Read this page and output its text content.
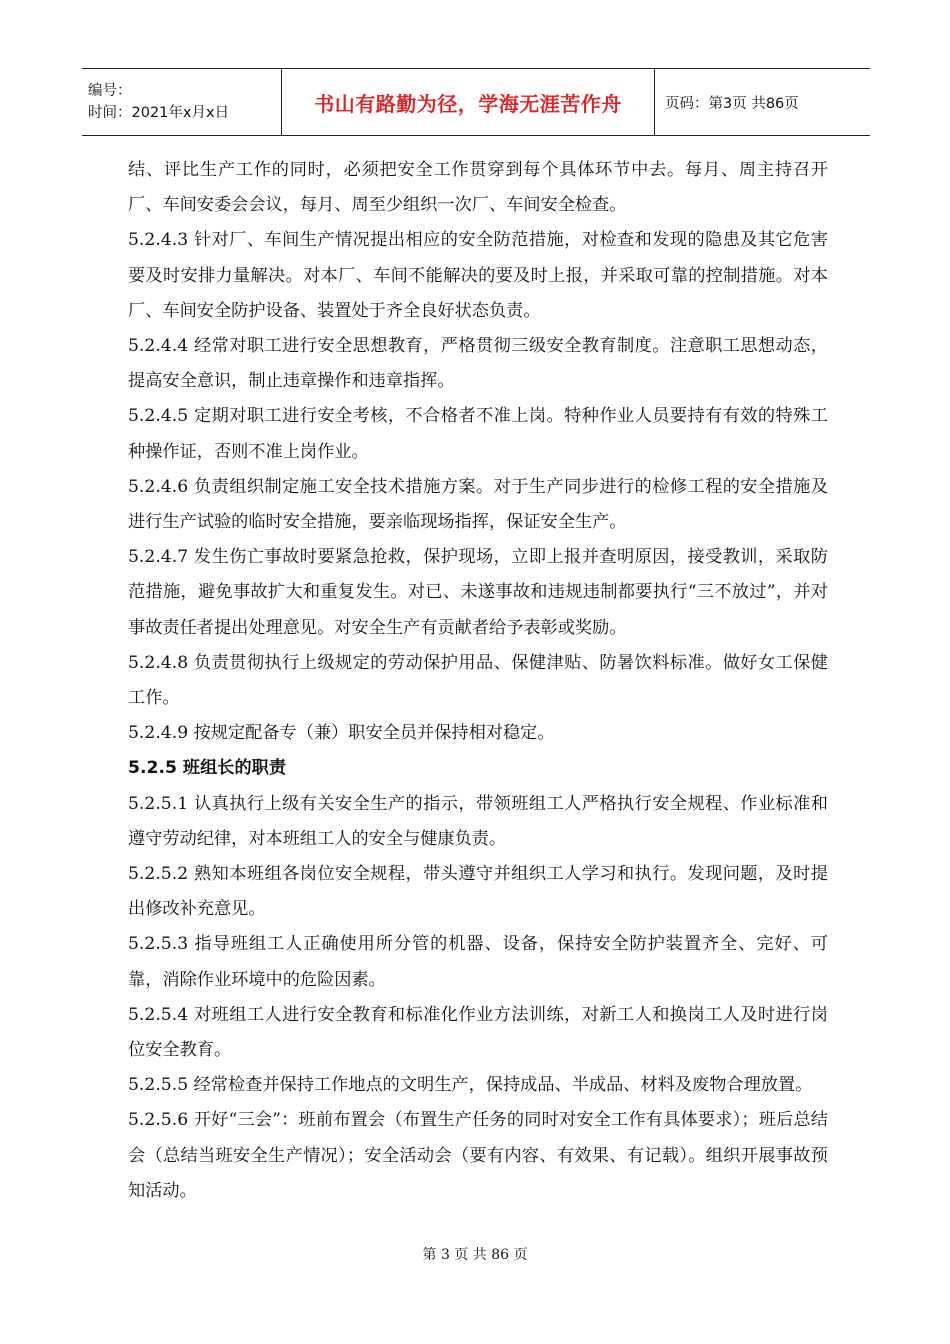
编号：
时间：2021年x月x日	书山有路勤为径，学海无涯苦作舟	页码：第3页 共86页

结、评比生产工作的同时，必须把安全工作贯穿到每个具体环节中去。每月、周主持召开厂、车间安委会会议，每月、周至少组织一次厂、车间安全检查。

5.2.4.3 针对厂、车间生产情况提出相应的安全防范措施，对检查和发现的隐患及其它危害要及时安排力量解决。对本厂、车间不能解决的要及时上报，并采取可靠的控制措施。对本厂、车间安全防护设备、装置处于齐全良好状态负责。

5.2.4.4 经常对职工进行安全思想教育，严格贯彻三级安全教育制度。注意职工思想动态，提高安全意识，制止违章操作和违章指挥。

5.2.4.5 定期对职工进行安全考核，不合格者不准上岗。特种作业人员要持有有效的特殊工种操作证，否则不准上岗作业。

5.2.4.6 负责组织制定施工安全技术措施方案。对于生产同步进行的检修工程的安全措施及进行生产试验的临时安全措施，要亲临现场指挥，保证安全生产。

5.2.4.7 发生伤亡事故时要紧急抢救，保护现场，立即上报并查明原因，接受教训，采取防范措施，避免事故扩大和重复发生。对已、未遂事故和违规违制都要执行“三不放过”，并对事故责任者提出处理意见。对安全生产有贡献者给予表彰或奖励。

5.2.4.8 负责贯彻执行上级规定的劳动保护用品、保健津贴、防暑饮料标准。做好女工保健工作。

5.2.4.9 按规定配备专（兼）职安全员并保持相对稳定。

5.2.5 班组长的职责

5.2.5.1 认真执行上级有关安全生产的指示，带领班组工人严格执行安全规程、作业标准和遵守劳动纪律，对本班组工人的安全与健康负责。

5.2.5.2 熟知本班组各岗位安全规程，带头遵守并组织工人学习和执行。发现问题，及时提出修改补充意见。

5.2.5.3 指导班组工人正确使用所分管的机器、设备，保持安全防护装置齐全、完好、可靠，消除作业环境中的危险因素。

5.2.5.4 对班组工人进行安全教育和标准化作业方法训练，对新工人和换岗工人及时进行岗位安全教育。

5.2.5.5 经常检查并保持工作地点的文明生产，保持成品、半成品、材料及废物合理放置。

5.2.5.6 开好“三会”：班前布置会（布置生产任务的同时对安全工作有具体要求）；班后总结会（总结当班安全生产情况）；安全活动会（要有内容、有效果、有记载）。组织开展事故预知活动。

第 3 页 共 86 页
